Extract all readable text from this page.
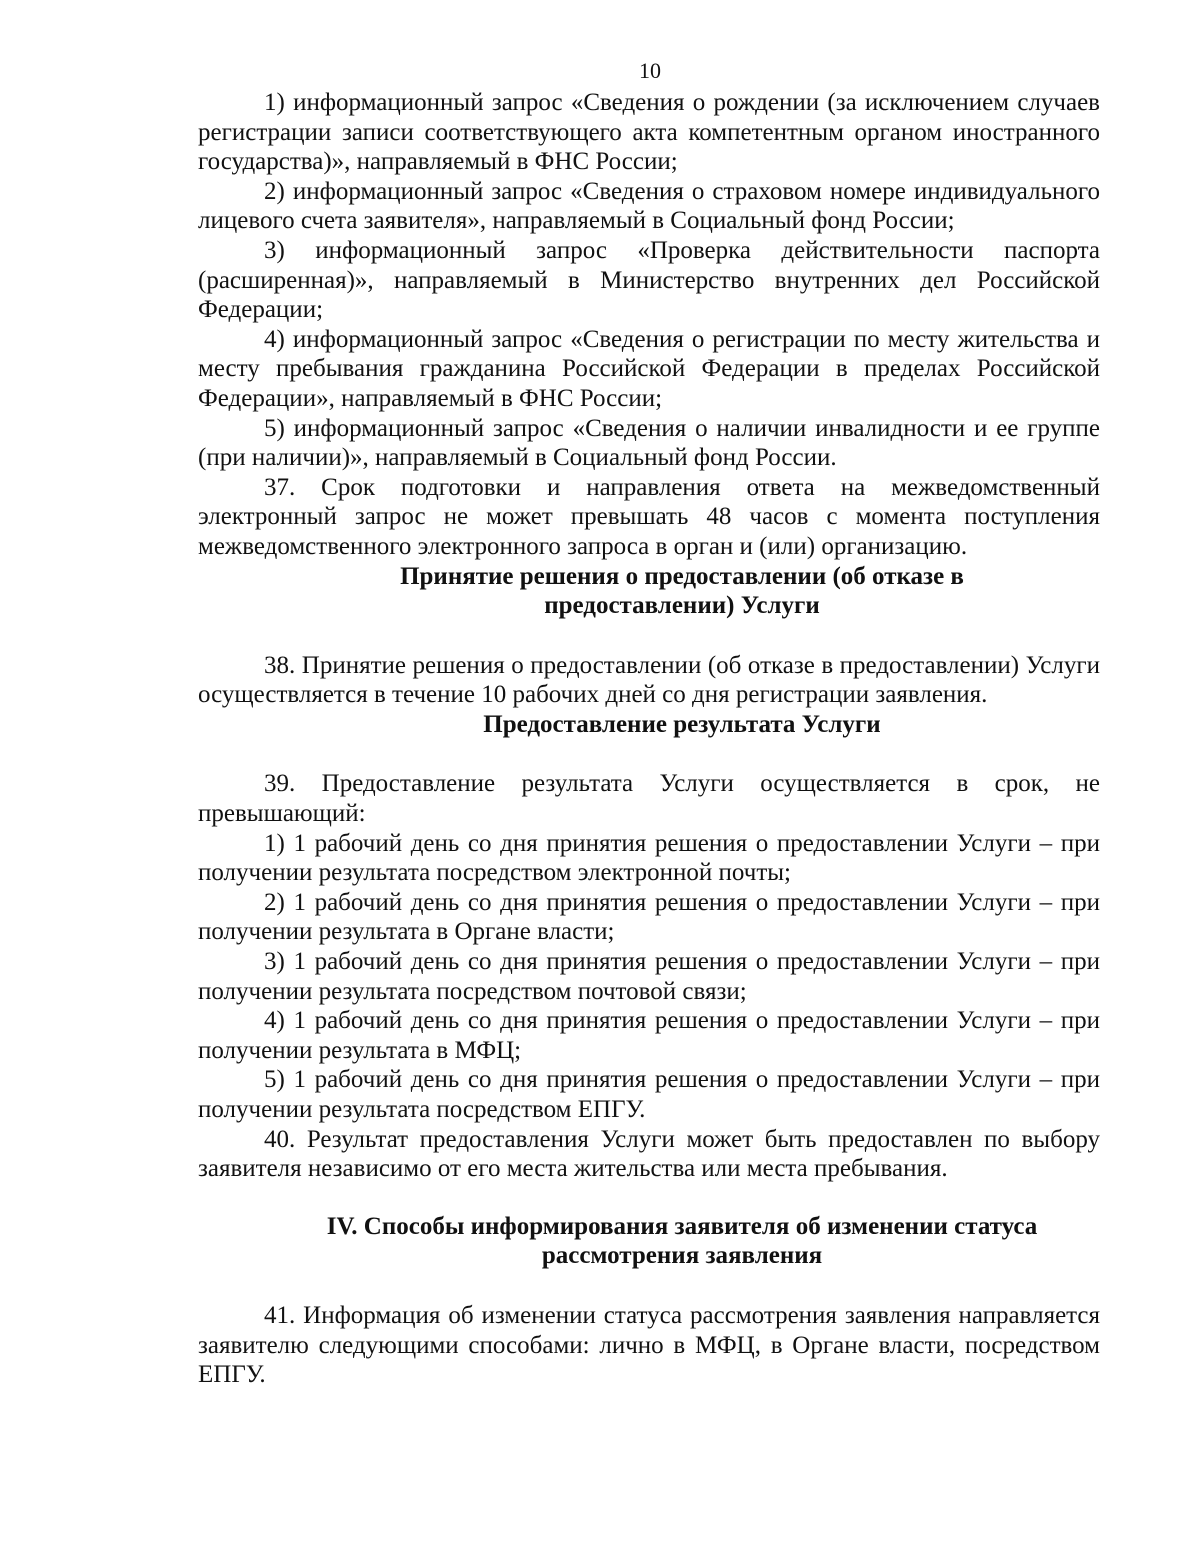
10

1) информационный запрос «Сведения о рождении (за исключением случаев регистрации записи соответствующего акта компетентным органом иностранного государства)», направляемый в ФНС России;

2) информационный запрос «Сведения о страховом номере индивидуального лицевого счета заявителя», направляемый в Социальный фонд России;

3) информационный запрос «Проверка действительности паспорта (расширенная)», направляемый в Министерство внутренних дел Российской Федерации;

4) информационный запрос «Сведения о регистрации по месту жительства и месту пребывания гражданина Российской Федерации в пределах Российской Федерации», направляемый в ФНС России;

5) информационный запрос «Сведения о наличии инвалидности и ее группе (при наличии)», направляемый в Социальный фонд России.

37. Срок подготовки и направления ответа на межведомственный электронный запрос не может превышать 48 часов с момента поступления межведомственного электронного запроса в орган и (или) организацию.

Принятие решения о предоставлении (об отказе в
предоставлении) Услуги

38. Принятие решения о предоставлении (об отказе в предоставлении) Услуги осуществляется в течение 10 рабочих дней со дня регистрации заявления.

Предоставление результата Услуги

39. Предоставление результата Услуги осуществляется в срок, не превышающий:

1) 1 рабочий день со дня принятия решения о предоставлении Услуги – при получении результата посредством электронной почты;

2) 1 рабочий день со дня принятия решения о предоставлении Услуги – при получении результата в Органе власти;

3) 1 рабочий день со дня принятия решения о предоставлении Услуги – при получении результата посредством почтовой связи;

4) 1 рабочий день со дня принятия решения о предоставлении Услуги – при получении результата в МФЦ;

5) 1 рабочий день со дня принятия решения о предоставлении Услуги – при получении результата посредством ЕПГУ.

40. Результат предоставления Услуги может быть предоставлен по выбору заявителя независимо от его места жительства или места пребывания.

IV. Способы информирования заявителя об изменении статуса
рассмотрения заявления

41. Информация об изменении статуса рассмотрения заявления направляется заявителю следующими способами: лично в МФЦ, в Органе власти, посредством ЕПГУ.
